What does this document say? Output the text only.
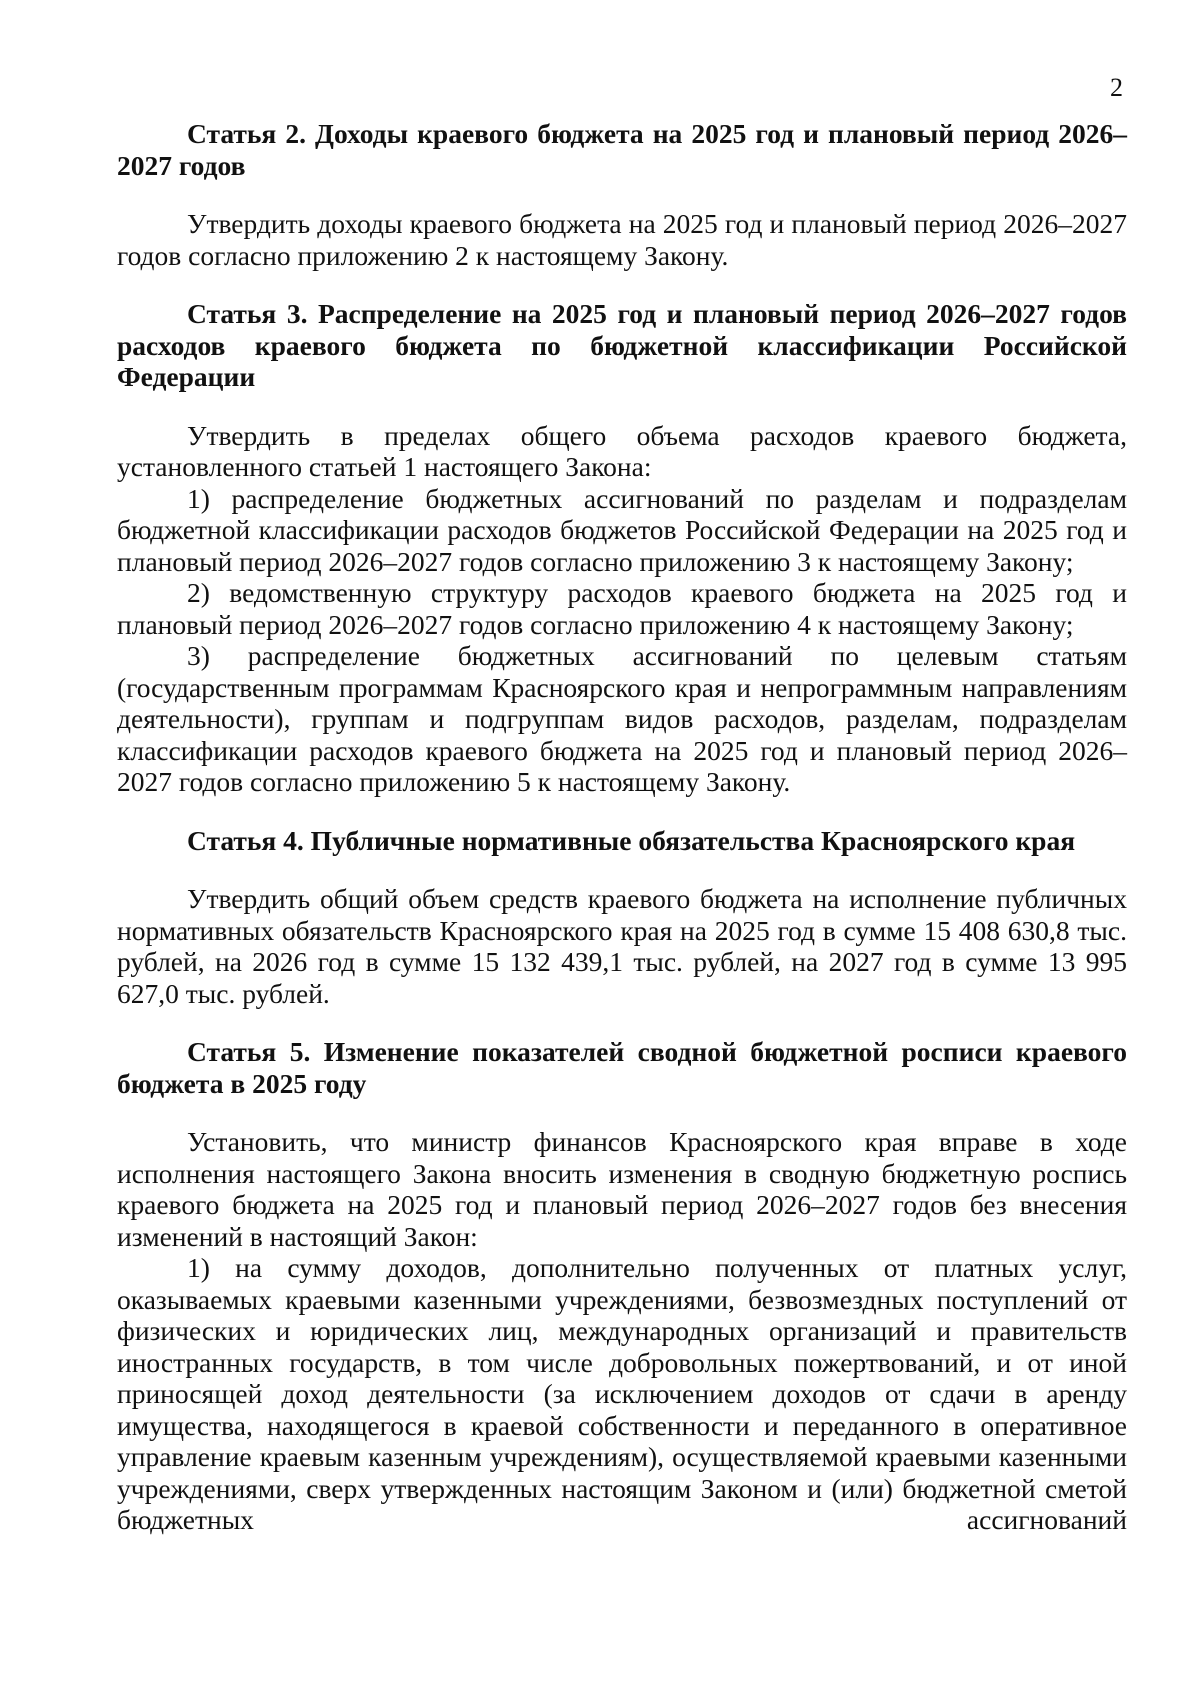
2

Статья 2. Доходы краевого бюджета на 2025 год и плановый период 2026–2027 годов

Утвердить доходы краевого бюджета на 2025 год и плановый период 2026–2027 годов согласно приложению 2 к настоящему Закону.

Статья 3. Распределение на 2025 год и плановый период 2026–2027 годов расходов краевого бюджета по бюджетной классификации Российской Федерации

Утвердить в пределах общего объема расходов краевого бюджета, установленного статьей 1 настоящего Закона:

1) распределение бюджетных ассигнований по разделам и подразделам бюджетной классификации расходов бюджетов Российской Федерации на 2025 год и плановый период 2026–2027 годов согласно приложению 3 к настоящему Закону;

2) ведомственную структуру расходов краевого бюджета на 2025 год и плановый период 2026–2027 годов согласно приложению 4 к настоящему Закону;

3) распределение бюджетных ассигнований по целевым статьям (государственным программам Красноярского края и непрограммным направлениям деятельности), группам и подгруппам видов расходов, разделам, подразделам классификации расходов краевого бюджета на 2025 год и плановый период 2026–2027 годов согласно приложению 5 к настоящему Закону.

Статья 4. Публичные нормативные обязательства Красноярского края

Утвердить общий объем средств краевого бюджета на исполнение публичных нормативных обязательств Красноярского края на 2025 год в сумме 15 408 630,8 тыс. рублей, на 2026 год в сумме 15 132 439,1 тыс. рублей, на 2027 год в сумме 13 995 627,0 тыс. рублей.

Статья 5. Изменение показателей сводной бюджетной росписи краевого бюджета в 2025 году

Установить, что министр финансов Красноярского края вправе в ходе исполнения настоящего Закона вносить изменения в сводную бюджетную роспись краевого бюджета на 2025 год и плановый период 2026–2027 годов без внесения изменений в настоящий Закон:

1) на сумму доходов, дополнительно полученных от платных услуг, оказываемых краевыми казенными учреждениями, безвозмездных поступлений от физических и юридических лиц, международных организаций и правительств иностранных государств, в том числе добровольных пожертвований, и от иной приносящей доход деятельности (за исключением доходов от сдачи в аренду имущества, находящегося в краевой собственности и переданного в оперативное управление краевым казенным учреждениям), осуществляемой краевыми казенными учреждениями, сверх утвержденных настоящим Законом и (или) бюджетной сметой бюджетных ассигнований
